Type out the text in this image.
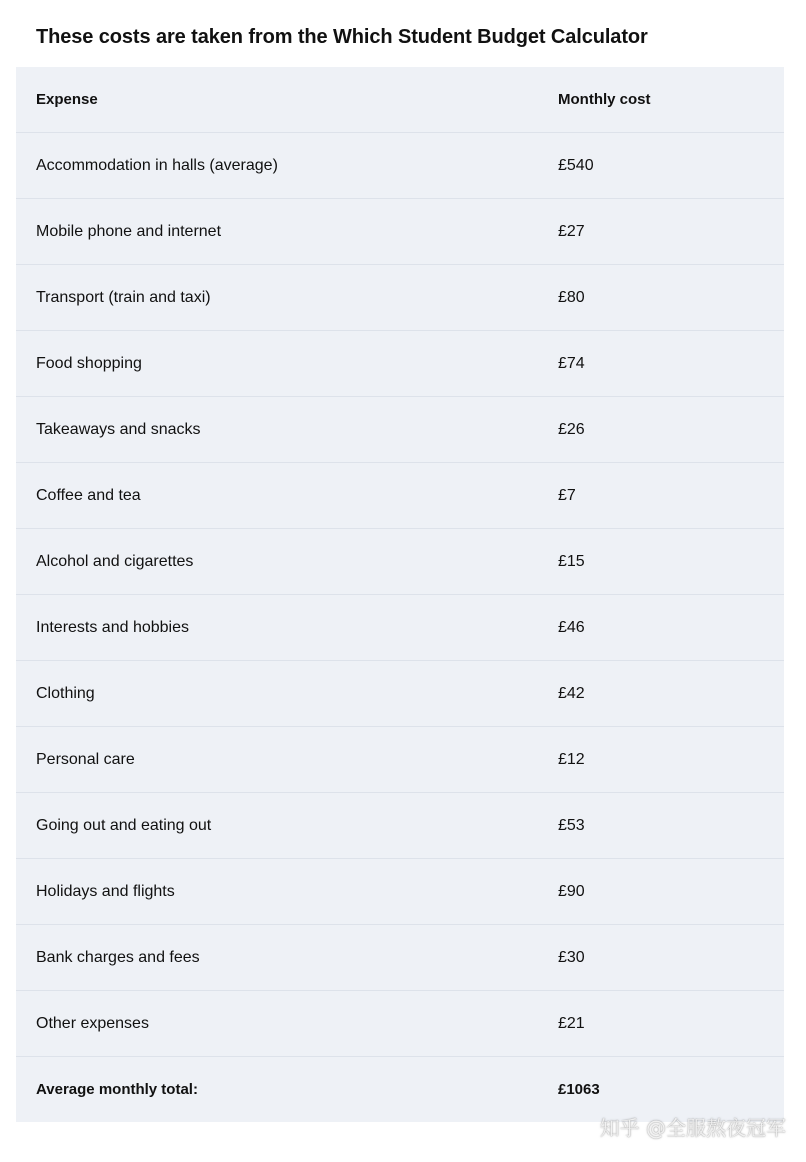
These costs are taken from the Which Student Budget Calculator
Expense	Monthly cost
Accommodation in halls (average)	£540
Mobile phone and internet	£27
Transport (train and taxi)	£80
Food shopping	£74
Takeaways and snacks	£26
Coffee and tea	£7
Alcohol and cigarettes	£15
Interests and hobbies	£46
Clothing	£42
Personal care	£12
Going out and eating out	£53
Holidays and flights	£90
Bank charges and fees	£30
Other expenses	£21
Average monthly total:	£1063
知乎 @全服熬夜冠军
